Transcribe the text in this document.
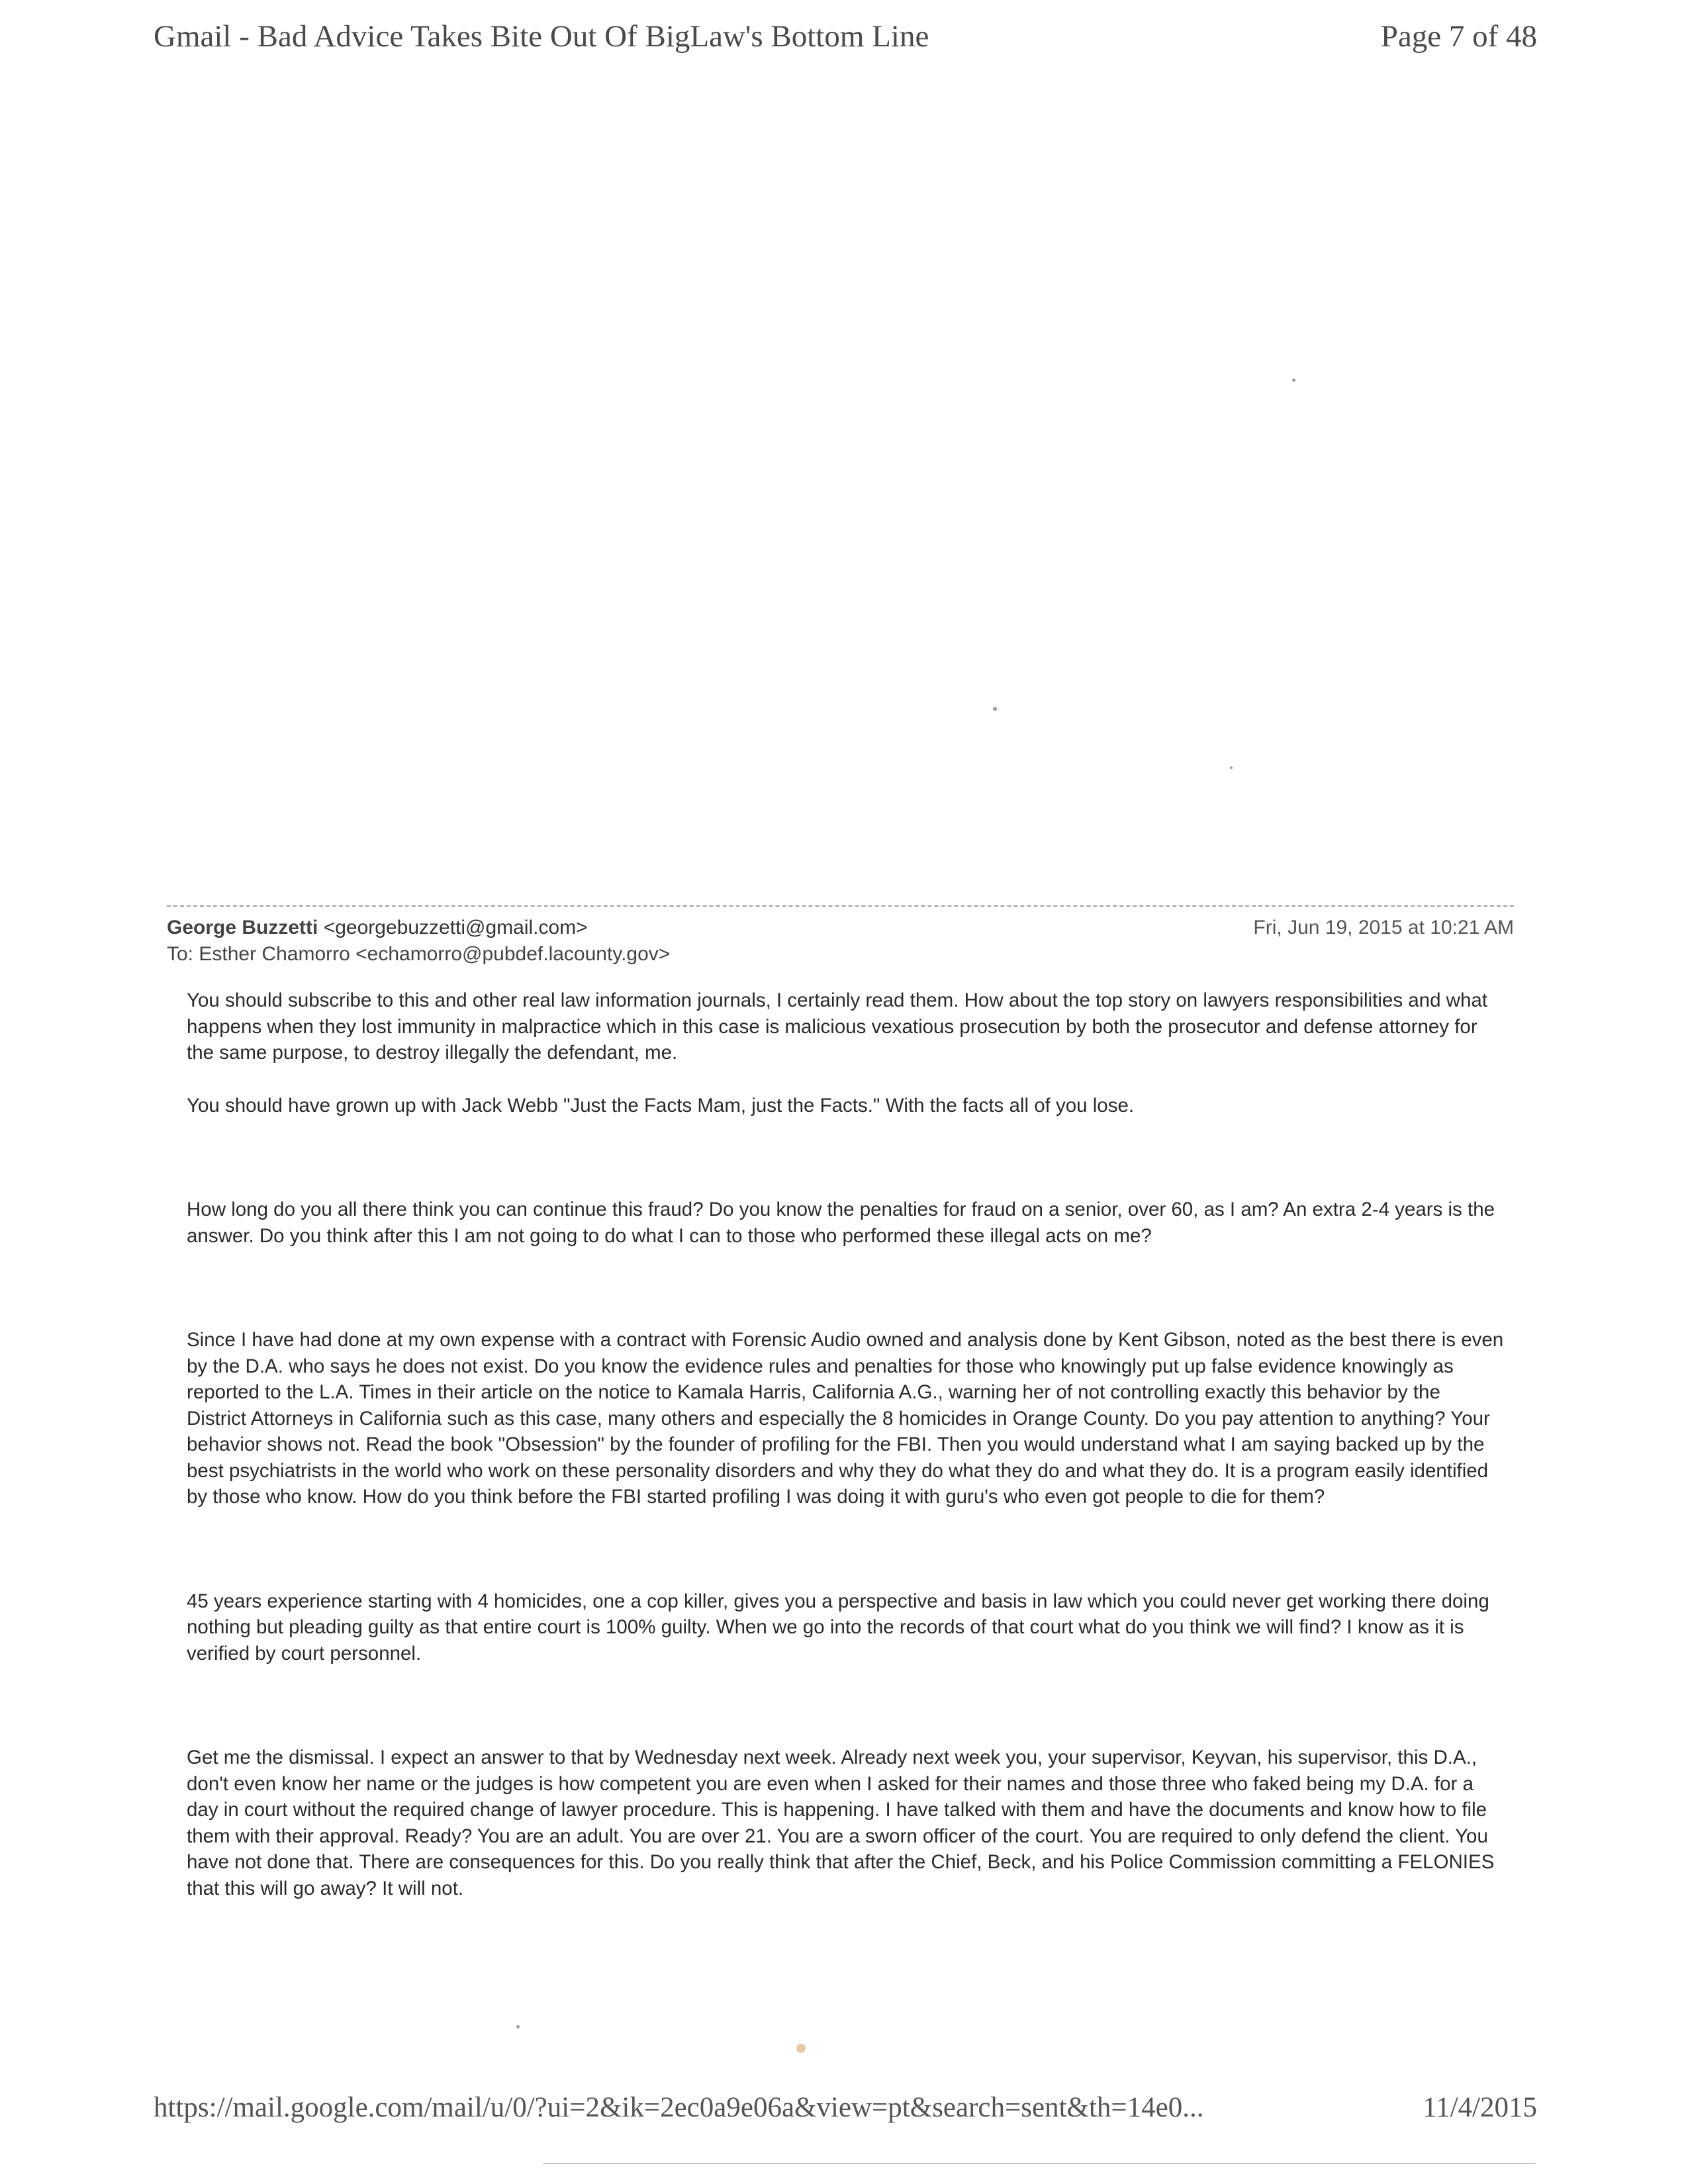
Gmail - Bad Advice Takes Bite Out Of BigLaw's Bottom Line	Page 7 of 48
George Buzzetti <georgebuzzetti@gmail.com>	Fri, Jun 19, 2015 at 10:21 AM
To: Esther Chamorro <echamorro@pubdef.lacounty.gov>

You should subscribe to this and other real law information journals, I certainly read them. How about the top story on lawyers responsibilities and what happens when they lost immunity in malpractice which in this case is malicious vexatious prosecution by both the prosecutor and defense attorney for the same purpose, to destroy illegally the defendant, me.

You should have grown up with Jack Webb "Just the Facts Mam, just the Facts." With the facts all of you lose.

How long do you all there think you can continue this fraud? Do you know the penalties for fraud on a senior, over 60, as I am? An extra 2-4 years is the answer. Do you think after this I am not going to do what I can to those who performed these illegal acts on me?

Since I have had done at my own expense with a contract with Forensic Audio owned and analysis done by Kent Gibson, noted as the best there is even by the D.A. who says he does not exist. Do you know the evidence rules and penalties for those who knowingly put up false evidence knowingly as reported to the L.A. Times in their article on the notice to Kamala Harris, California A.G., warning her of not controlling exactly this behavior by the District Attorneys in California such as this case, many others and especially the 8 homicides in Orange County. Do you pay attention to anything? Your behavior shows not. Read the book "Obsession" by the founder of profiling for the FBI. Then you would understand what I am saying backed up by the best psychiatrists in the world who work on these personality disorders and why they do what they do and what they do. It is a program easily identified by those who know. How do you think before the FBI started profiling I was doing it with guru's who even got people to die for them?

45 years experience starting with 4 homicides, one a cop killer, gives you a perspective and basis in law which you could never get working there doing nothing but pleading guilty as that entire court is 100% guilty. When we go into the records of that court what do you think we will find? I know as it is verified by court personnel.

Get me the dismissal. I expect an answer to that by Wednesday next week. Already next week you, your supervisor, Keyvan, his supervisor, this D.A., don't even know her name or the judges is how competent you are even when I asked for their names and those three who faked being my D.A. for a day in court without the required change of lawyer procedure. This is happening. I have talked with them and have the documents and know how to file them with their approval. Ready? You are an adult. You are over 21. You are a sworn officer of the court. You are required to only defend the client. You have not done that. There are consequences for this. Do you really think that after the Chief, Beck, and his Police Commission committing a FELONIES that this will go away? It will not.

https://mail.google.com/mail/u/0/?ui=2&ik=2ec0a9e06a&view=pt&search=sent&th=14e0...	11/4/2015
